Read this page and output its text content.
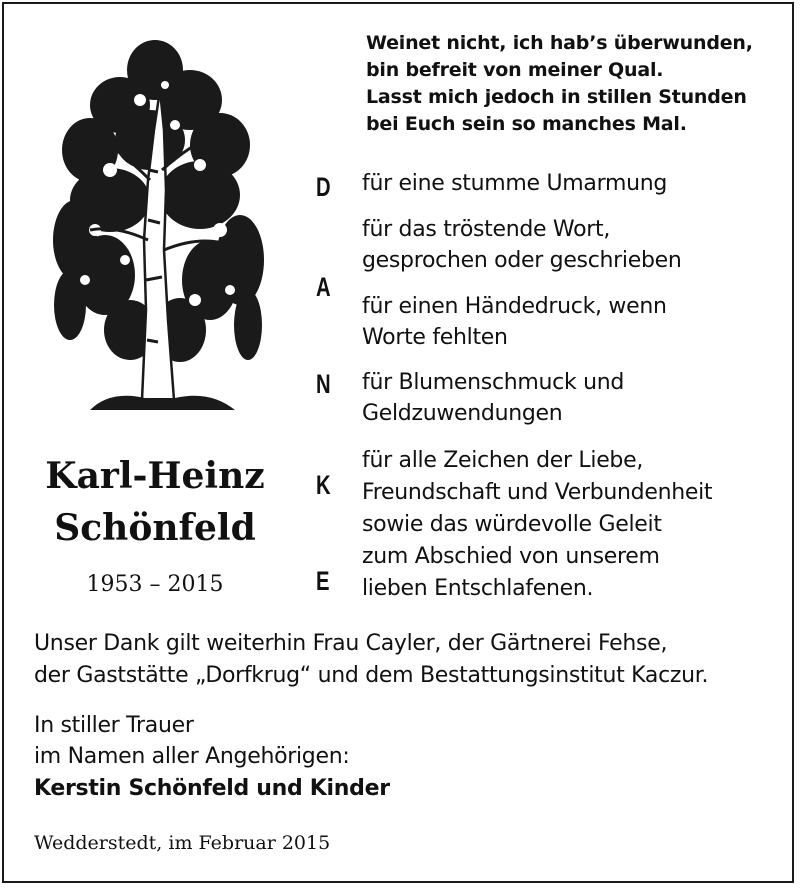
Weinet nicht, ich hab’s überwunden,
bin befreit von meiner Qual.
Lasst mich jedoch in stillen Stunden
bei Euch sein so manches Mal.
Karl-Heinz
Schönfeld
1953 – 2015
D
A
N
K
E
für eine stumme Umarmung
für das tröstende Wort,
gesprochen oder geschrieben
für einen Händedruck, wenn
Worte fehlten
für Blumenschmuck und
Geldzuwendungen
für alle Zeichen der Liebe,
Freundschaft und Verbundenheit
sowie das würdevolle Geleit
zum Abschied von unserem
lieben Entschlafenen.
Unser Dank gilt weiterhin Frau Cayler, der Gärtnerei Fehse,
der Gaststätte „Dorfkrug“ und dem Bestattungsinstitut Kaczur.
In stiller Trauer
im Namen aller Angehörigen:
Kerstin Schönfeld und Kinder
Wedderstedt, im Februar 2015
